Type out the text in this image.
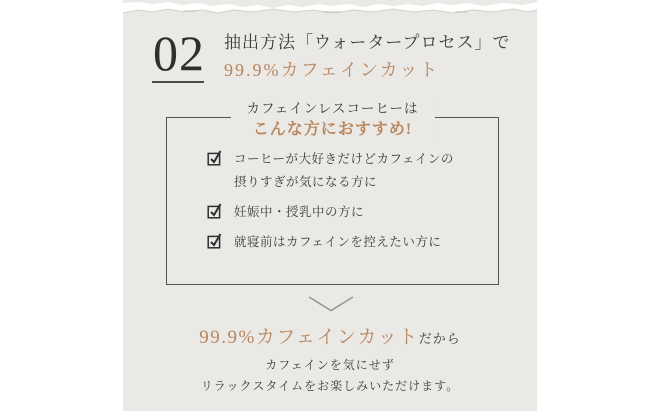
02 抽出方法「ウォータープロセス」で
99.9%カフェインカット
カフェインレスコーヒーは
こんな方におすすめ!
コーヒーが大好きだけどカフェインの
摂りすぎが気になる方に
妊娠中・授乳中の方に
就寝前はカフェインを控えたい方に
99.9%カフェインカットだから
カフェインを気にせず
リラックスタイムをお楽しみいただけます。
